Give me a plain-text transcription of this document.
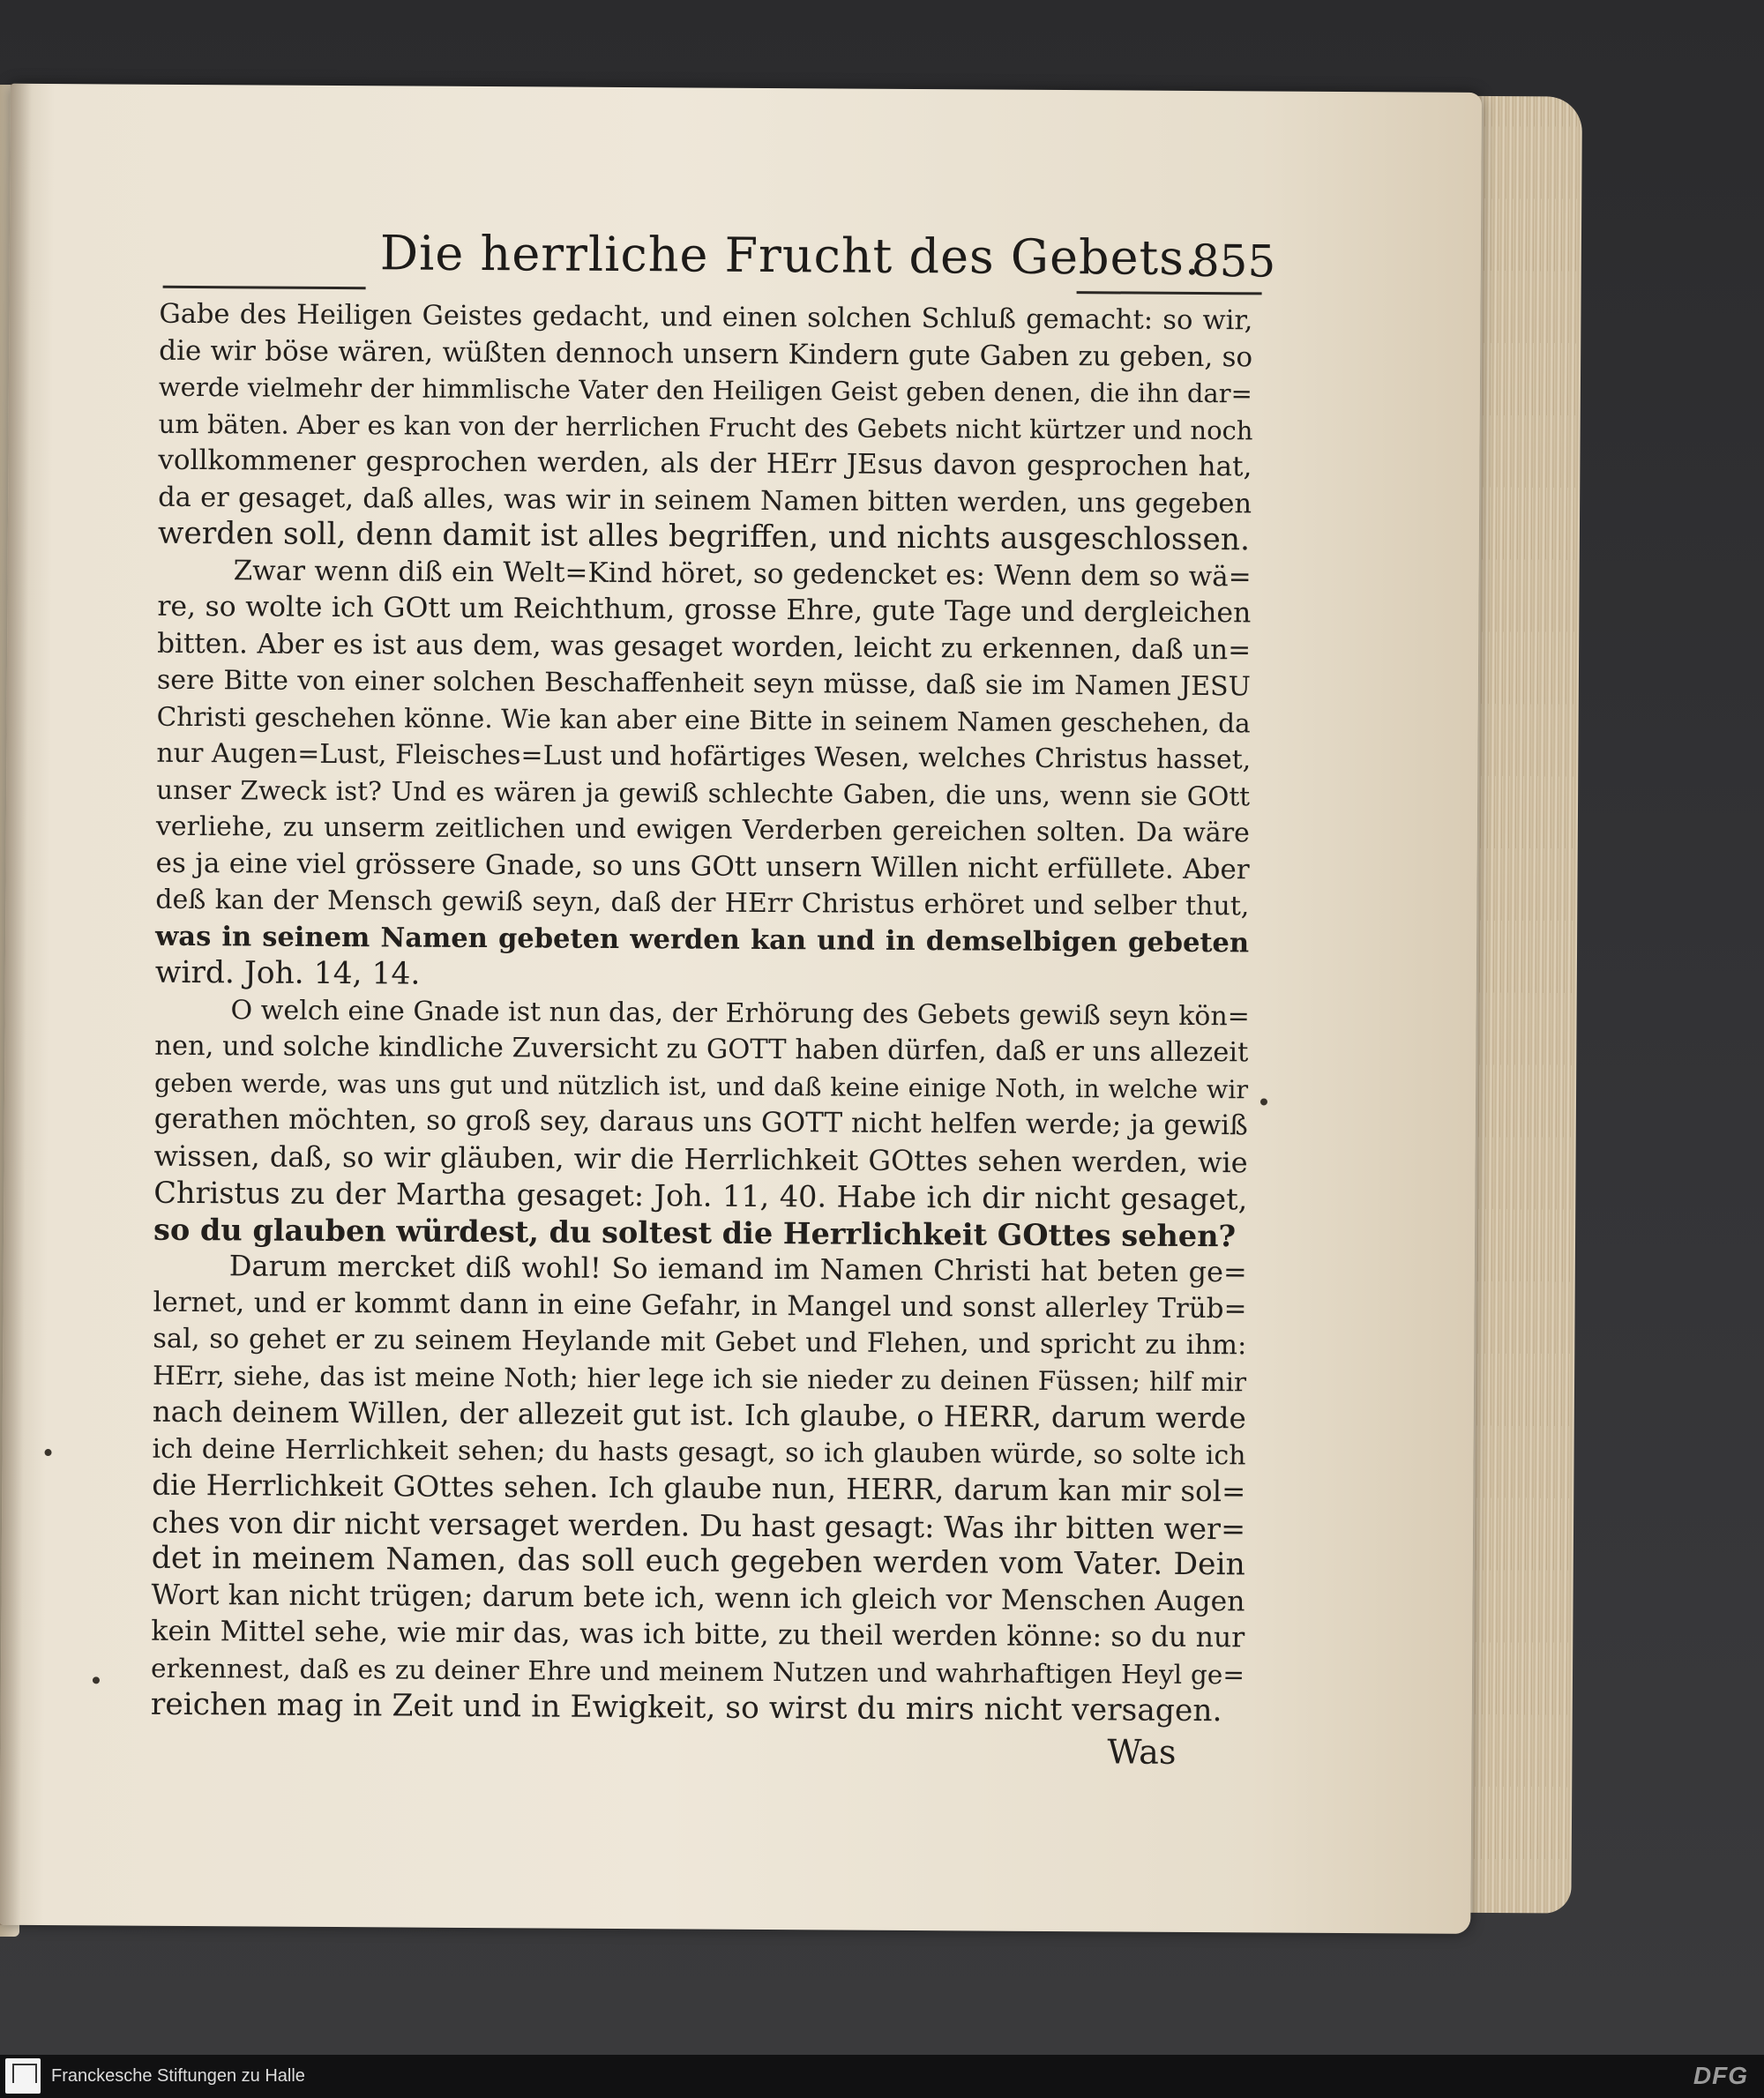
Die herrliche Frucht des Gebets.
855
Gabe des Heiligen Geistes gedacht, und einen solchen Schluß gemacht: so wir,
die wir böse wären, wüßten dennoch unsern Kindern gute Gaben zu geben, so
werde vielmehr der himmlische Vater den Heiligen Geist geben denen, die ihn dar=
um bäten. Aber es kan von der herrlichen Frucht des Gebets nicht kürtzer und noch
vollkommener gesprochen werden, als der HErr JEsus davon gesprochen hat,
da er gesaget, daß alles, was wir in seinem Namen bitten werden, uns gegeben
werden soll, denn damit ist alles begriffen, und nichts ausgeschlossen.
Zwar wenn diß ein Welt=Kind höret, so gedencket es: Wenn dem so wä=
re, so wolte ich GOtt um Reichthum, grosse Ehre, gute Tage und dergleichen
bitten. Aber es ist aus dem, was gesaget worden, leicht zu erkennen, daß un=
sere Bitte von einer solchen Beschaffenheit seyn müsse, daß sie im Namen JESU
Christi geschehen könne. Wie kan aber eine Bitte in seinem Namen geschehen, da
nur Augen=Lust, Fleisches=Lust und hofärtiges Wesen, welches Christus hasset,
unser Zweck ist? Und es wären ja gewiß schlechte Gaben, die uns, wenn sie GOtt
verliehe, zu unserm zeitlichen und ewigen Verderben gereichen solten. Da wäre
es ja eine viel grössere Gnade, so uns GOtt unsern Willen nicht erfüllete. Aber
deß kan der Mensch gewiß seyn, daß der HErr Christus erhöret und selber thut,
was in seinem Namen gebeten werden kan und in demselbigen gebeten
wird. Joh. 14, 14.
O welch eine Gnade ist nun das, der Erhörung des Gebets gewiß seyn kön=
nen, und solche kindliche Zuversicht zu GOTT haben dürfen, daß er uns allezeit
geben werde, was uns gut und nützlich ist, und daß keine einige Noth, in welche wir
gerathen möchten, so groß sey, daraus uns GOTT nicht helfen werde; ja gewiß
wissen, daß, so wir gläuben, wir die Herrlichkeit GOttes sehen werden, wie
Christus zu der Martha gesaget: Joh. 11, 40. Habe ich dir nicht gesaget,
so du glauben würdest, du soltest die Herrlichkeit GOttes sehen?
Darum mercket diß wohl! So iemand im Namen Christi hat beten ge=
lernet, und er kommt dann in eine Gefahr, in Mangel und sonst allerley Trüb=
sal, so gehet er zu seinem Heylande mit Gebet und Flehen, und spricht zu ihm:
HErr, siehe, das ist meine Noth; hier lege ich sie nieder zu deinen Füssen; hilf mir
nach deinem Willen, der allezeit gut ist. Ich glaube, o HERR, darum werde
ich deine Herrlichkeit sehen; du hasts gesagt, so ich glauben würde, so solte ich
die Herrlichkeit GOttes sehen. Ich glaube nun, HERR, darum kan mir sol=
ches von dir nicht versaget werden. Du hast gesagt: Was ihr bitten wer=
det in meinem Namen, das soll euch gegeben werden vom Vater. Dein
Wort kan nicht trügen; darum bete ich, wenn ich gleich vor Menschen Augen
kein Mittel sehe, wie mir das, was ich bitte, zu theil werden könne: so du nur
erkennest, daß es zu deiner Ehre und meinem Nutzen und wahrhaftigen Heyl ge=
reichen mag in Zeit und in Ewigkeit, so wirst du mirs nicht versagen.
Was
Franckesche Stiftungen zu Halle	DFG
